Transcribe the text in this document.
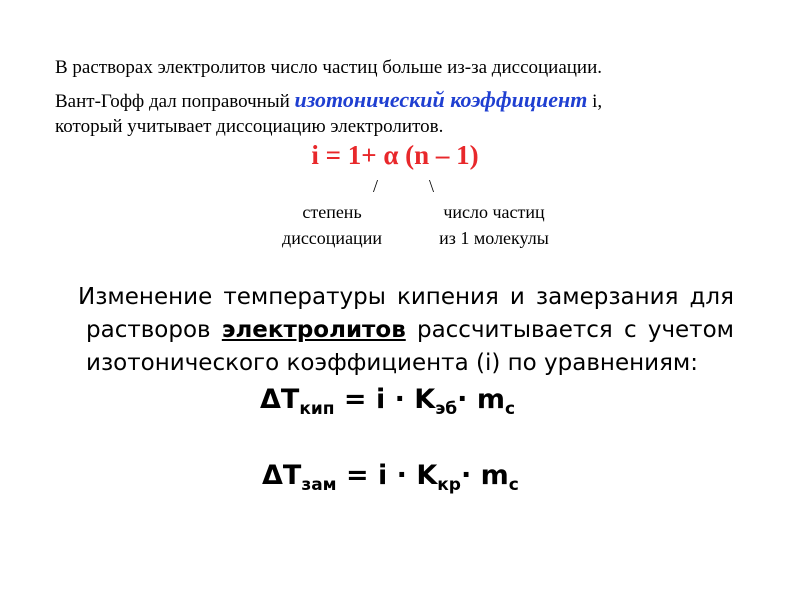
В растворах электролитов число частиц больше из-за диссоциации.
Вант-Гофф дал поправочный изотонический коэффициент i,
который учитывает диссоциацию электролитов.
i = 1+ α (n – 1)
/	\
степень
диссоциации
число частиц
из 1 молекулы
Изменение температуры кипения и замерзания для
растворов электролитов рассчитывается с учетом
изотонического коэффициента (i) по уравнениям:
$\Delta T_{кип} = i \cdot K_{эб}\cdot m_c$
$\Delta T_{зам} = i \cdot K_{кр}\cdot m_c$
